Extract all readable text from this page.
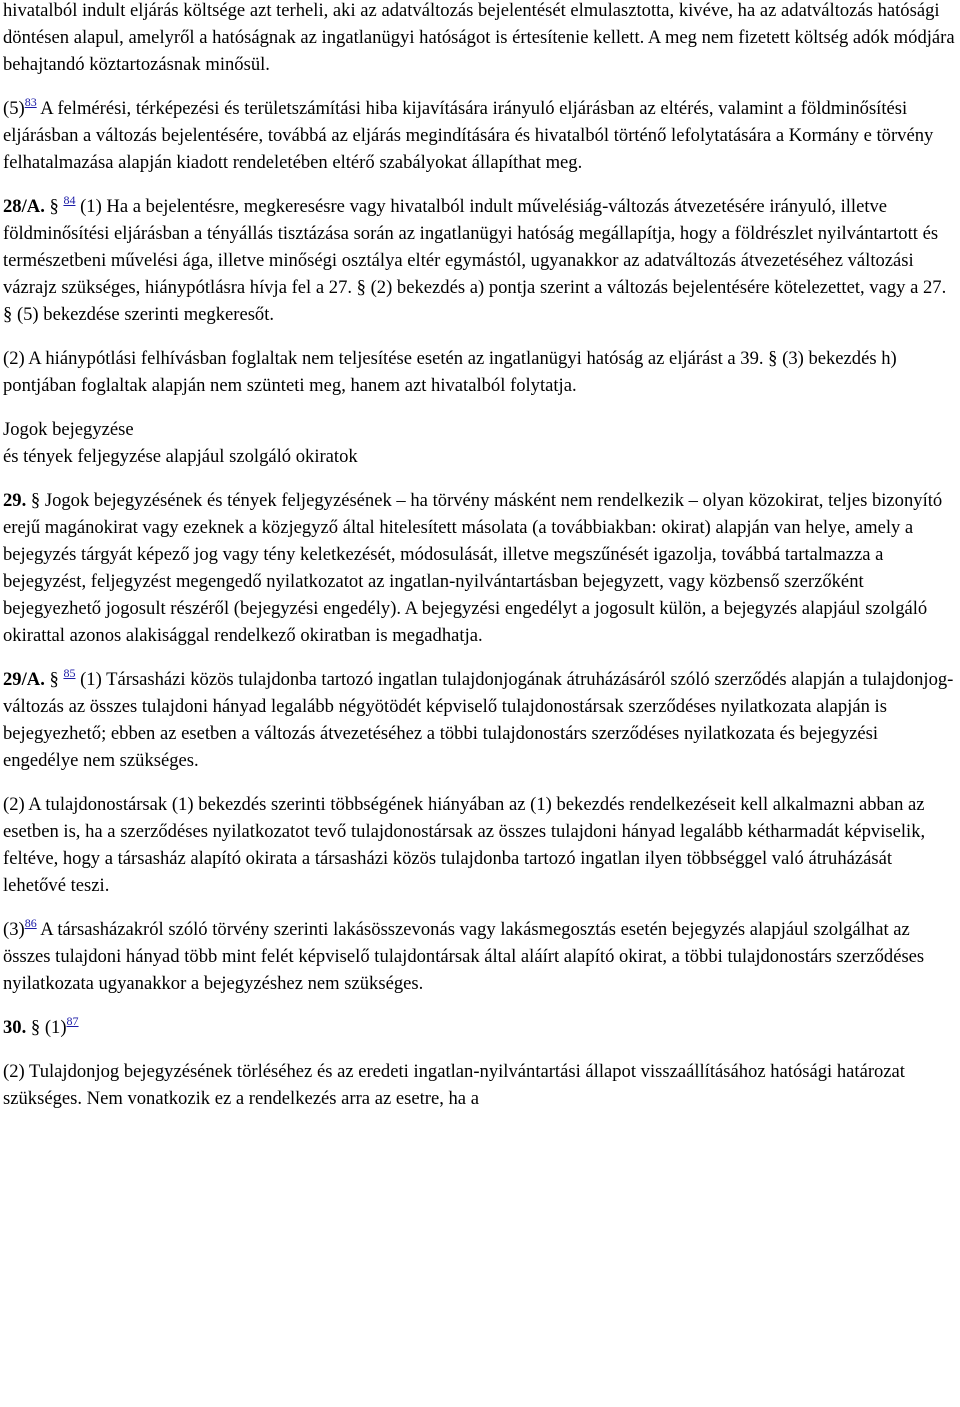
hivatalból indult eljárás költsége azt terheli, aki az adatváltozás bejelentését elmulasztotta, kivéve, ha az adatváltozás hatósági döntésen alapul, amelyről a hatóságnak az ingatlanügyi hatóságot is értesítenie kellett. A meg nem fizetett költség adók módjára behajtandó köztartozásnak minősül.

(5)$^{83}$ A felmérési, térképezési és területszámítási hiba kijavítására irányuló eljárásban az eltérés, valamint a földminősítési eljárásban a változás bejelentésére, továbbá az eljárás megindítására és hivatalból történő lefolytatására a Kormány e törvény felhatalmazása alapján kiadott rendeletében eltérő szabályokat állapíthat meg.

28/A. § $^{84}$ (1) Ha a bejelentésre, megkeresésre vagy hivatalból indult művelésiág-változás átvezetésére irányuló, illetve földminősítési eljárásban a tényállás tisztázása során az ingatlanügyi hatóság megállapítja, hogy a földrészlet nyilvántartott és természetbeni művelési ága, illetve minőségi osztálya eltér egymástól, ugyanakkor az adatváltozás átvezetéséhez változási vázrajz szükséges, hiánypótlásra hívja fel a 27. § (2) bekezdés a) pontja szerint a változás bejelentésére kötelezettet, vagy a 27. § (5) bekezdése szerinti megkeresőt.

(2) A hiánypótlási felhívásban foglaltak nem teljesítése esetén az ingatlanügyi hatóság az eljárást a 39. § (3) bekezdés h) pontjában foglaltak alapján nem szünteti meg, hanem azt hivatalból folytatja.

Jogok bejegyzése
és tények feljegyzése alapjául szolgáló okiratok

29. § Jogok bejegyzésének és tények feljegyzésének – ha törvény másként nem rendelkezik – olyan közokirat, teljes bizonyító erejű magánokirat vagy ezeknek a közjegyző által hitelesített másolata (a továbbiakban: okirat) alapján van helye, amely a bejegyzés tárgyát képező jog vagy tény keletkezését, módosulását, illetve megszűnését igazolja, továbbá tartalmazza a bejegyzést, feljegyzést megengedő nyilatkozatot az ingatlan-nyilvántartásban bejegyzett, vagy közbenső szerzőként bejegyezhető jogosult részéről (bejegyzési engedély). A bejegyzési engedélyt a jogosult külön, a bejegyzés alapjául szolgáló okirattal azonos alakisággal rendelkező okiratban is megadhatja.

29/A. § $^{85}$ (1) Társasházi közös tulajdonba tartozó ingatlan tulajdonjogának átruházásáról szóló szerződés alapján a tulajdonjog-változás az összes tulajdoni hányad legalább négyötödét képviselő tulajdonostársak szerződéses nyilatkozata alapján is bejegyezhető; ebben az esetben a változás átvezetéséhez a többi tulajdonostárs szerződéses nyilatkozata és bejegyzési engedélye nem szükséges.

(2) A tulajdonostársak (1) bekezdés szerinti többségének hiányában az (1) bekezdés rendelkezéseit kell alkalmazni abban az esetben is, ha a szerződéses nyilatkozatot tevő tulajdonostársak az összes tulajdoni hányad legalább kétharmadát képviselik, feltéve, hogy a társasház alapító okirata a társasházi közös tulajdonba tartozó ingatlan ilyen többséggel való átruházását lehetővé teszi.

(3)$^{86}$ A társasházakról szóló törvény szerinti lakásösszevonás vagy lakásmegosztás esetén bejegyzés alapjául szolgálhat az összes tulajdoni hányad több mint felét képviselő tulajdontársak által aláírt alapító okirat, a többi tulajdonostárs szerződéses nyilatkozata ugyanakkor a bejegyzéshez nem szükséges.

30. § (1)$^{87}$

(2) Tulajdonjog bejegyzésének törléséhez és az eredeti ingatlan-nyilvántartási állapot visszaállításához hatósági határozat szükséges. Nem vonatkozik ez a rendelkezés arra az esetre, ha a
